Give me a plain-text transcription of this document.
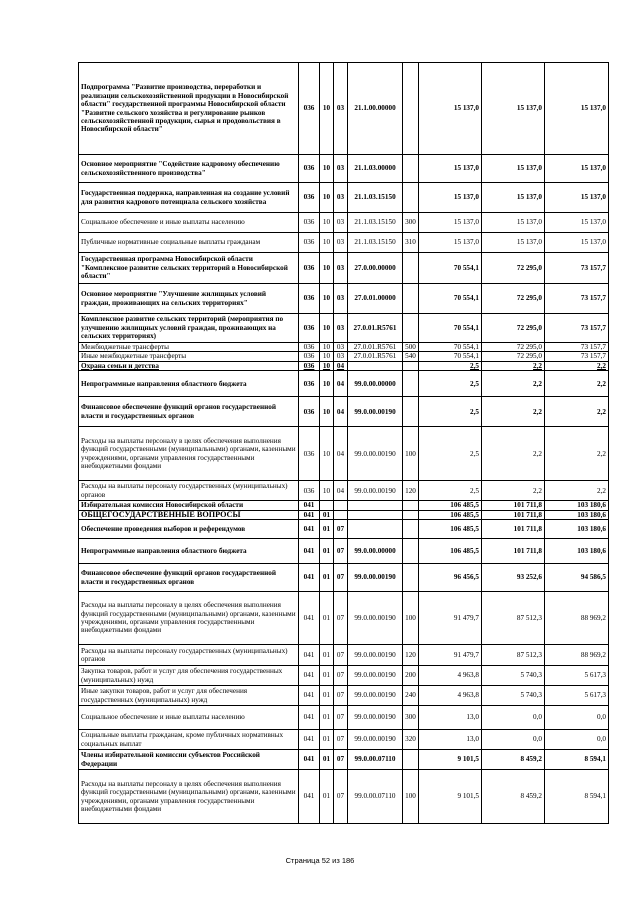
Подпрограмма "Развитие производства, переработки и реализации сельскохозяйственной продукции в Новосибирской области" государственной программы Новосибирской области "Развитие сельского хозяйства и регулирование рынков сельскохозяйственной продукции, сырья и продовольствия в Новосибирской области"	036	10	03	21.1.00.00000		15 137,0	15 137,0	15 137,0
Основное мероприятие "Содействие кадровому обеспечению сельскохозяйственного производства"	036	10	03	21.1.03.00000		15 137,0	15 137,0	15 137,0
Государственная поддержка, направленная на создание условий для развития кадрового потенциала сельского хозяйства	036	10	03	21.1.03.15150		15 137,0	15 137,0	15 137,0
Социальное обеспечение и иные выплаты населению	036	10	03	21.1.03.15150	300	15 137,0	15 137,0	15 137,0
Публичные нормативные социальные выплаты гражданам	036	10	03	21.1.03.15150	310	15 137,0	15 137,0	15 137,0
Государственная программа Новосибирской области "Комплексное развитие сельских территорий в Новосибирской области"	036	10	03	27.0.00.00000		70 554,1	72 295,0	73 157,7
Основное мероприятие "Улучшение жилищных условий граждан, проживающих на сельских территориях"	036	10	03	27.0.01.00000		70 554,1	72 295,0	73 157,7
Комплексное развитие сельских территорий (мероприятия по улучшению жилищных условий граждан, проживающих на сельских территориях)	036	10	03	27.0.01.R5761		70 554,1	72 295,0	73 157,7
Межбюджетные трансферты	036	10	03	27.0.01.R5761	500	70 554,1	72 295,0	73 157,7
Иные межбюджетные трансферты	036	10	03	27.0.01.R5761	540	70 554,1	72 295,0	73 157,7
Охрана семьи и детства	036	10	04			2,5	2,2	2,2
Непрограммные направления областного бюджета	036	10	04	99.0.00.00000		2,5	2,2	2,2
Финансовое обеспечение функций органов государственной власти и государственных органов	036	10	04	99.0.00.00190		2,5	2,2	2,2
Расходы на выплаты персоналу в целях обеспечения выполнения функций государственными (муниципальными) органами, казенными учреждениями, органами управления государственными внебюджетными фондами	036	10	04	99.0.00.00190	100	2,5	2,2	2,2
Расходы на выплаты персоналу государственных (муниципальных) органов	036	10	04	99.0.00.00190	120	2,5	2,2	2,2
Избирательная комиссия Новосибирской области	041					106 485,5	101 711,8	103 180,6
ОБЩЕГОСУДАРСТВЕННЫЕ ВОПРОСЫ	041	01				106 485,5	101 711,8	103 180,6
Обеспечение проведения выборов и референдумов	041	01	07			106 485,5	101 711,8	103 180,6
Непрограммные направления областного бюджета	041	01	07	99.0.00.00000		106 485,5	101 711,8	103 180,6
Финансовое обеспечение функций органов государственной власти и государственных органов	041	01	07	99.0.00.00190		96 456,5	93 252,6	94 586,5
Расходы на выплаты персоналу в целях обеспечения выполнения функций государственными (муниципальными) органами, казенными учреждениями, органами управления государственными внебюджетными фондами	041	01	07	99.0.00.00190	100	91 479,7	87 512,3	88 969,2
Расходы на выплаты персоналу государственных (муниципальных) органов	041	01	07	99.0.00.00190	120	91 479,7	87 512,3	88 969,2
Закупка товаров, работ и услуг для обеспечения государственных (муниципальных) нужд	041	01	07	99.0.00.00190	200	4 963,8	5 740,3	5 617,3
Иные закупки товаров, работ и услуг для обеспечения государственных (муниципальных) нужд	041	01	07	99.0.00.00190	240	4 963,8	5 740,3	5 617,3
Социальное обеспечение и иные выплаты населению	041	01	07	99.0.00.00190	300	13,0	0,0	0,0
Социальные выплаты гражданам, кроме публичных нормативных социальных выплат	041	01	07	99.0.00.00190	320	13,0	0,0	0,0
Члены избирательной комиссии субъектов Российской Федерации	041	01	07	99.0.00.07110		9 101,5	8 459,2	8 594,1
Расходы на выплаты персоналу в целях обеспечения выполнения функций государственными (муниципальными) органами, казенными учреждениями, органами управления государственными внебюджетными фондами	041	01	07	99.0.00.07110	100	9 101,5	8 459,2	8 594,1
Страница 52 из 186
